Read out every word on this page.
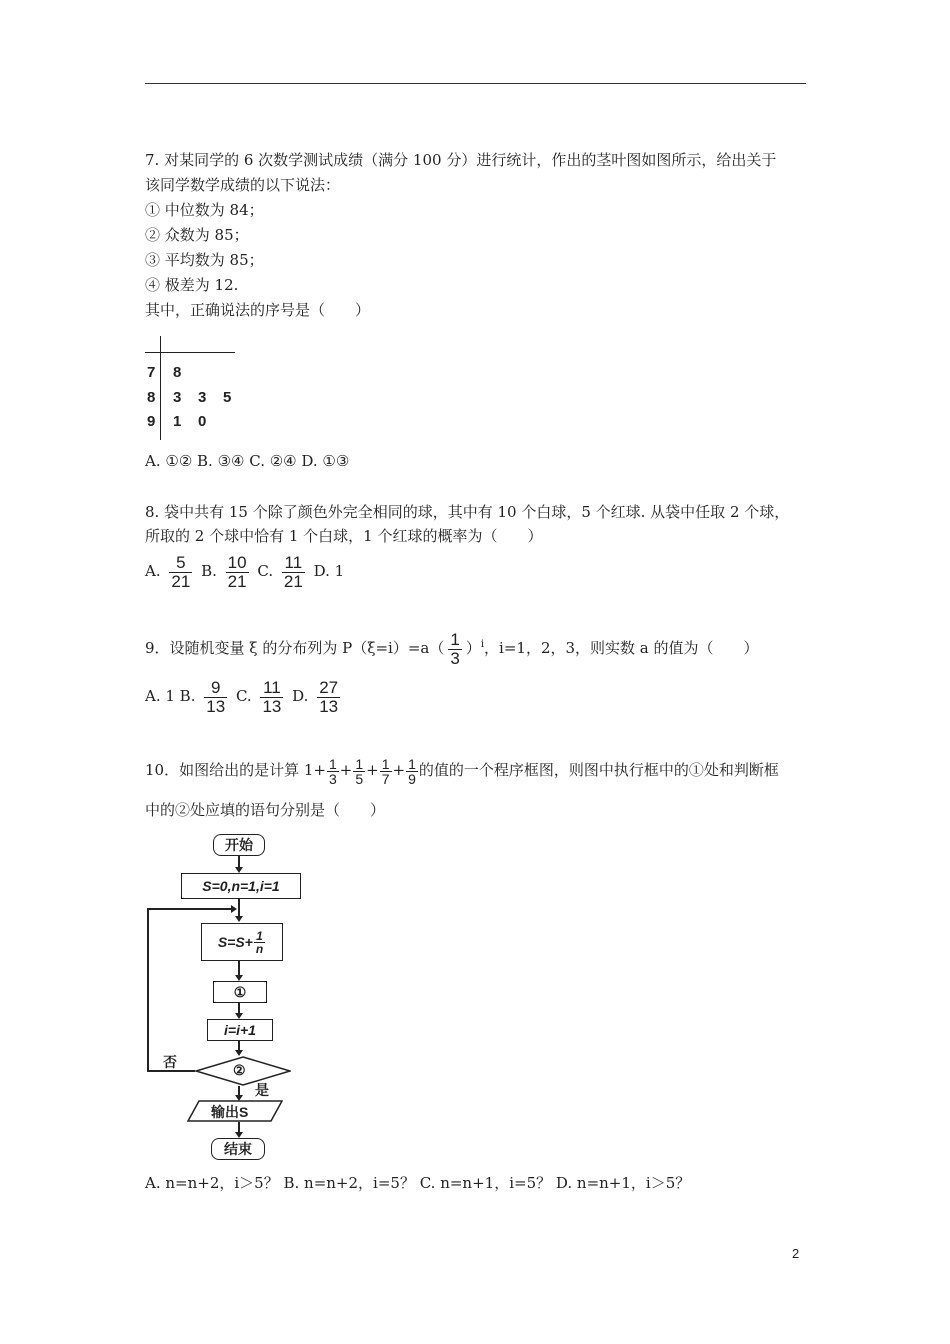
7. 对某同学的 6 次数学测试成绩（满分 100 分）进行统计，作出的茎叶图如图所示，给出关于
该同学数学成绩的以下说法：
① 中位数为 84；
② 众数为 85；
③ 平均数为 85；
④ 极差为 12.
其中，正确说法的序号是（　　）
7 8
8 3 3 5
9 1 0
A. ①② B. ③④ C. ②④ D. ①③
8. 袋中共有 15 个除了颜色外完全相同的球，其中有 10 个白球，5 个红球. 从袋中任取 2 个球，
所取的 2 个球中恰有 1 个白球，1 个红球的概率为（　　）
A. $\frac{5}{21} B$. $\frac{10}{21} C$. $\frac{11}{21} D$. 1
9．设随机变量 ξ 的分布列为 $P(\xi=i)=a( \frac{1}{3} )^i$，i=1，2，3，则实数 a 的值为（　　）
A. 1 B. $\frac{9}{13} C$. $\frac{11}{13} D$. $\frac{27}{13}$
10．如图给出的是计算 $1+ \frac{1}{3} + \frac{1}{5} + \frac{1}{7} + \frac{1}{9}$ 的值的一个程序框图，则图中执行框中的①处和判断框
中的②处应填的语句分别是（　　）
开始
S=0,n=1,i=1
$S=S+ \frac{1}{n}$
①
i=i+1
②
否
是
输出S
结束
A. n=n+2，i＞5？ B. n=n+2，i=5？ C. n=n+1，i=5？ D. n=n+1，i＞5？
2
